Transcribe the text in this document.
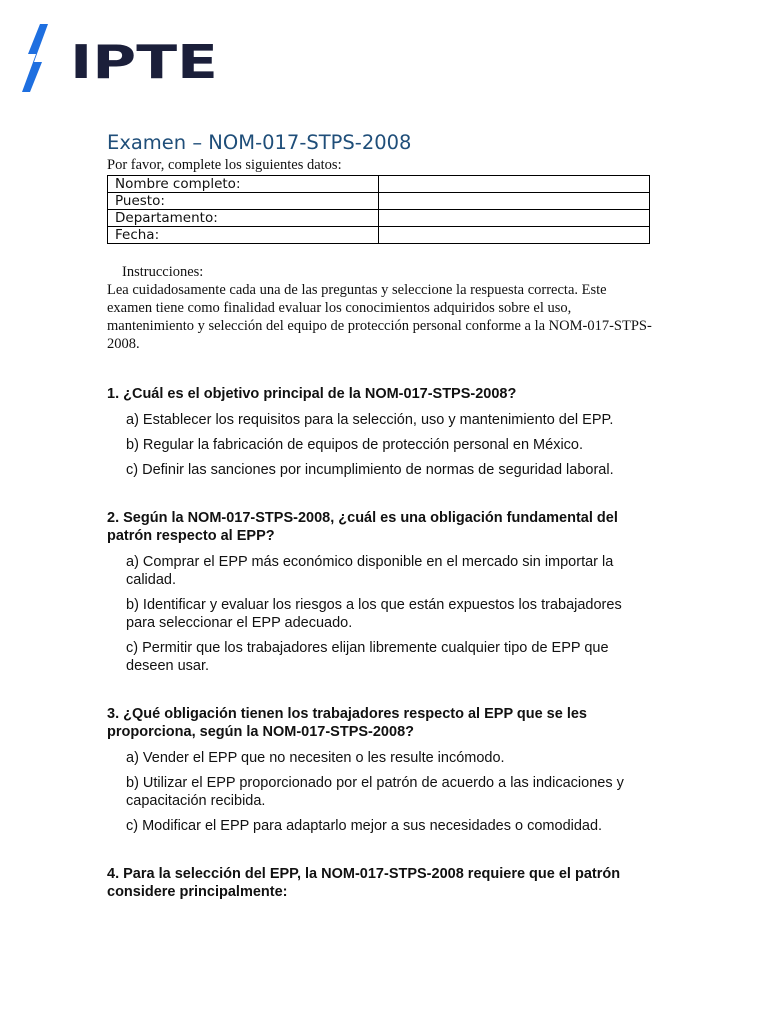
IPTE
Examen – NOM-017-STPS-2008
Por favor, complete los siguientes datos:
Nombre completo:	
Puesto:	
Departamento:	
Fecha:	
Instrucciones:
Lea cuidadosamente cada una de las preguntas y seleccione la respuesta correcta. Este examen tiene como finalidad evaluar los conocimientos adquiridos sobre el uso, mantenimiento y selección del equipo de protección personal conforme a la NOM-017-STPS-2008.
1. ¿Cuál es el objetivo principal de la NOM-017-STPS-2008?
a) Establecer los requisitos para la selección, uso y mantenimiento del EPP.
b) Regular la fabricación de equipos de protección personal en México.
c) Definir las sanciones por incumplimiento de normas de seguridad laboral.
2. Según la NOM-017-STPS-2008, ¿cuál es una obligación fundamental del patrón respecto al EPP?
a) Comprar el EPP más económico disponible en el mercado sin importar la calidad.
b) Identificar y evaluar los riesgos a los que están expuestos los trabajadores para seleccionar el EPP adecuado.
c) Permitir que los trabajadores elijan libremente cualquier tipo de EPP que deseen usar.
3. ¿Qué obligación tienen los trabajadores respecto al EPP que se les proporciona, según la NOM-017-STPS-2008?
a) Vender el EPP que no necesiten o les resulte incómodo.
b) Utilizar el EPP proporcionado por el patrón de acuerdo a las indicaciones y capacitación recibida.
c) Modificar el EPP para adaptarlo mejor a sus necesidades o comodidad.
4. Para la selección del EPP, la NOM-017-STPS-2008 requiere que el patrón considere principalmente:
